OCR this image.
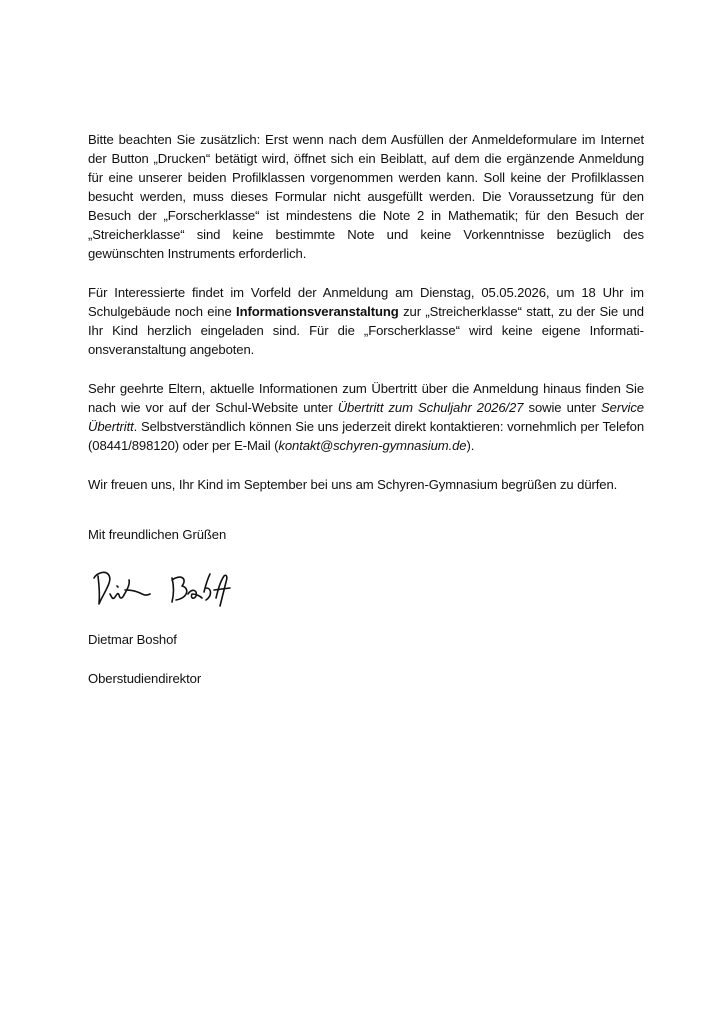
Bitte beachten Sie zusätzlich: Erst wenn nach dem Ausfüllen der Anmeldeformulare im Internet der Button „Drucken“ betätigt wird, öffnet sich ein Beiblatt, auf dem die ergänzende Anmeldung für eine unserer beiden Profilklassen vorgenommen werden kann. Soll keine der Profilklassen besucht werden, muss dieses Formular nicht ausgefüllt werden. Die Voraussetzung für den Besuch der „Forscherklasse“ ist mindestens die Note 2 in Mathematik; für den Besuch der „Streicherklasse“ sind keine bestimmte Note und keine Vorkenntnisse bezüglich des gewünschten Instruments erforderlich.

Für Interessierte findet im Vorfeld der Anmeldung am Dienstag, 05.05.2026, um 18 Uhr im Schulgebäude noch eine Informationsveranstaltung zur „Streicherklasse“ statt, zu der Sie und Ihr Kind herzlich eingeladen sind. Für die „Forscherklasse“ wird keine eigene Informationsveranstaltung angeboten.

Sehr geehrte Eltern, aktuelle Informationen zum Übertritt über die Anmeldung hinaus finden Sie nach wie vor auf der Schul-Website unter Übertritt zum Schuljahr 2026/27 sowie unter Service Übertritt. Selbstverständlich können Sie uns jederzeit direkt kontaktieren: vornehmlich per Telefon (08441/898120) oder per E-Mail (kontakt@schyren-gymnasium.de).

Wir freuen uns, Ihr Kind im September bei uns am Schyren-Gymnasium begrüßen zu dürfen.

Mit freundlichen Grüßen

Dietmar Boshof

Oberstudiendirektor
